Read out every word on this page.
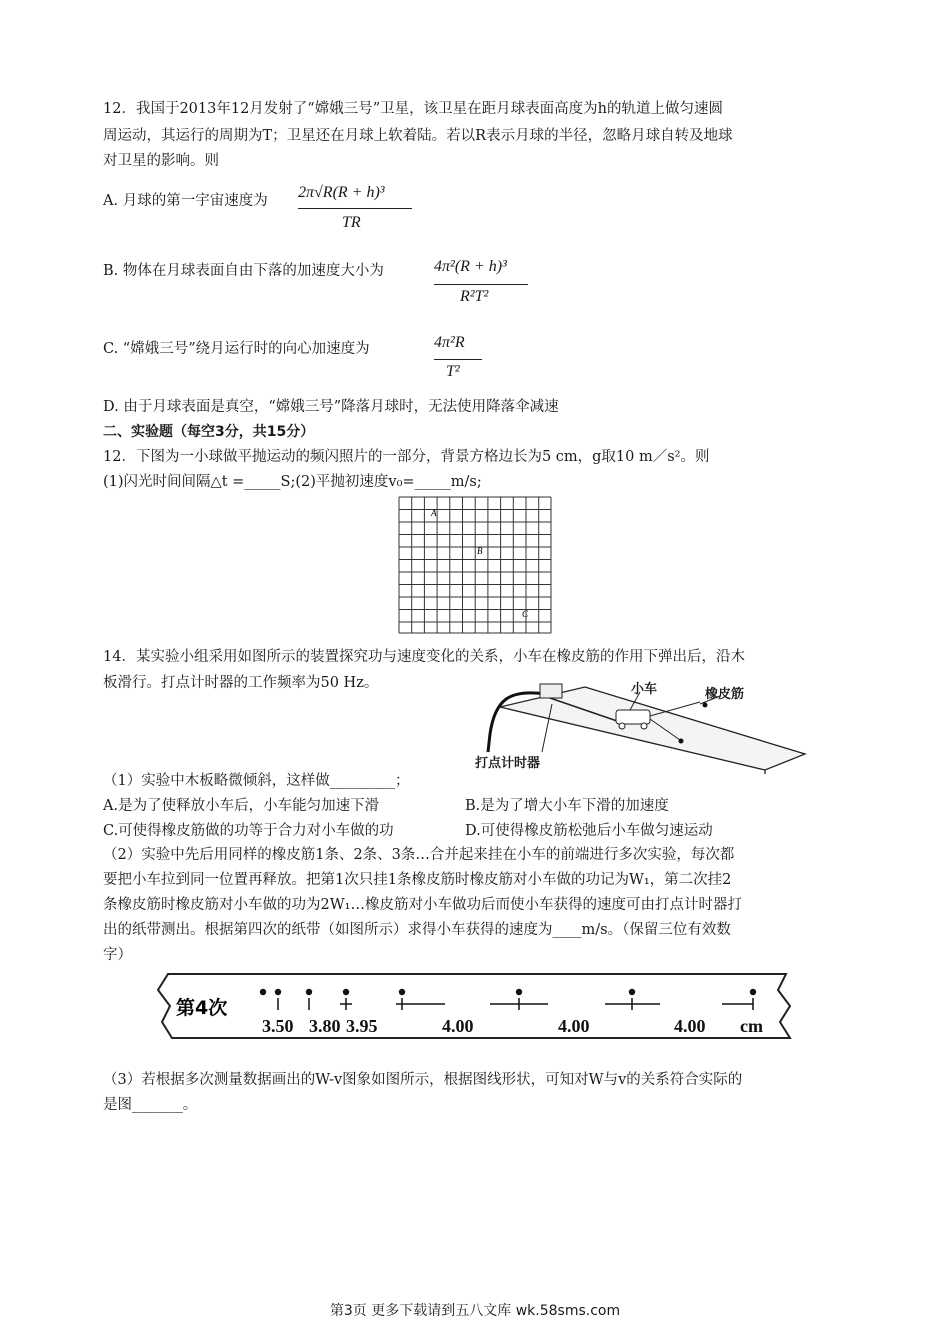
12．我国于2013年12月发射了“嫦娥三号”卫星，该卫星在距月球表面高度为h的轨道上做匀速圆
周运动，其运行的周期为T；卫星还在月球上软着陆。若以R表示月球的半径，忽略月球自转及地球
对卫星的影响。则
A. 月球的第一宇宙速度为 2π√R(R + h)³
TR
B. 物体在月球表面自由下落的加速度大小为	4π²(R + h)³
R²T²
C. “嫦娥三号”绕月运行时的向心加速度为	4π²R
T²
D. 由于月球表面是真空，“嫦娥三号”降落月球时，无法使用降落伞减速
二、实验题（每空3分，共15分）
12．下图为一小球做平抛运动的频闪照片的一部分，背景方格边长为5 cm，g取10 m／s²。则
(1)闪光时间间隔△t =_____S;(2)平抛初速度v₀=_____m/s;
A
B
C
14．某实验小组采用如图所示的装置探究功与速度变化的关系，小车在橡皮筋的作用下弹出后，沿木
板滑行。打点计时器的工作频率为50 Hz。	小车	橡皮筋
打点计时器
（1）实验中木板略微倾斜，这样做_________；
A.是为了使释放小车后，小车能匀加速下滑	B.是为了增大小车下滑的加速度
C.可使得橡皮筋做的功等于合力对小车做的功	D.可使得橡皮筋松弛后小车做匀速运动
（2）实验中先后用同样的橡皮筋1条、2条、3条…合并起来挂在小车的前端进行多次实验，每次都
要把小车拉到同一位置再释放。把第1次只挂1条橡皮筋时橡皮筋对小车做的功记为W₁，第二次挂2
条橡皮筋时橡皮筋对小车做的功为2W₁…橡皮筋对小车做功后而使小车获得的速度可由打点计时器打
出的纸带测出。根据第四次的纸带（如图所示）求得小车获得的速度为____m/s。（保留三位有效数
字）
第4次
3.50 3.80 3.95	4.00	4.00	4.00 cm
（3）若根据多次测量数据画出的W-v图象如图所示，根据图线形状，可知对W与v的关系符合实际的
是图_______。
第3页 更多下载请到五八文库 wk.58sms.com
